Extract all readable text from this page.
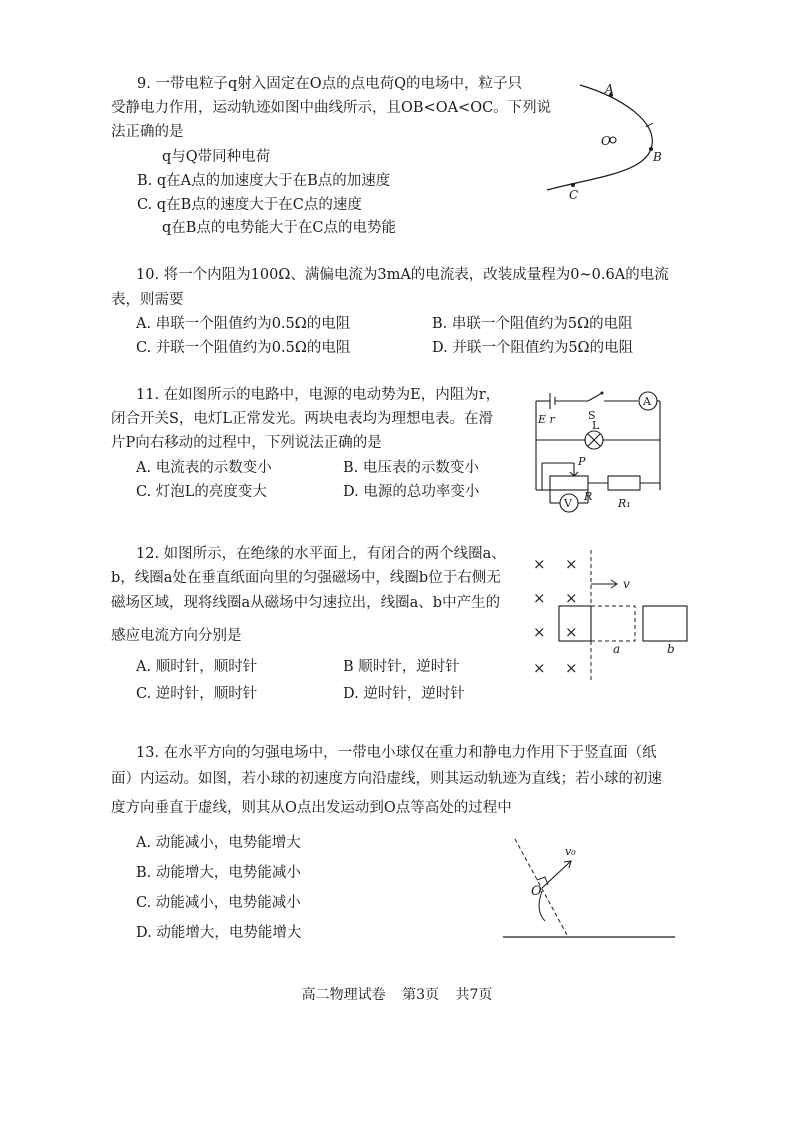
9. 一带电粒子q射入固定在O点的点电荷Q的电场中，粒子只
受静电力作用，运动轨迹如图中曲线所示，且OB<OA<OC。下列说
法正确的是
q与Q带同种电荷
B. q在A点的加速度大于在B点的加速度
C. q在B点的速度大于在C点的速度
q在B点的电势能大于在C点的电势能
A
B
C
O
10. 将一个内阻为100Ω、满偏电流为3mA的电流表，改装成量程为0~0.6A的电流
表，则需要
A. 串联一个阻值约为0.5Ω的电阻	B. 串联一个阻值约为5Ω的电阻
C. 并联一个阻值约为0.5Ω的电阻	D. 并联一个阻值约为5Ω的电阻
11. 在如图所示的电路中，电源的电动势为E，内阻为r，
闭合开关S，电灯L正常发光。两块电表均为理想电表。在滑
片P向右移动的过程中，下列说法正确的是
A. 电流表的示数变小	B. 电压表的示数变小
C. 灯泡L的亮度变大	D. 电源的总功率变小
A
V
E r	S
L
P
R
R₁
12. 如图所示，在绝缘的水平面上，有闭合的两个线圈a、
b，线圈a处在垂直纸面向里的匀强磁场中，线圈b位于右侧无
磁场区域，现将线圈a从磁场中匀速拉出，线圈a、b中产生的
感应电流方向分别是
A. 顺时针，顺时针	B 顺时针，逆时针
C. 逆时针，顺时针	D. 逆时针，逆时针
× ×
× ×
× ×
× ×
v
a	b
13. 在水平方向的匀强电场中，一带电小球仅在重力和静电力作用下于竖直面（纸
面）内运动。如图，若小球的初速度方向沿虚线，则其运动轨迹为直线；若小球的初速
度方向垂直于虚线，则其从O点出发运动到O点等高处的过程中
A. 动能减小，电势能增大
B. 动能增大，电势能减小
C. 动能减小，电势能减小
D. 动能增大，电势能增大
v₀
O
高二物理试卷 第3页 共7页
